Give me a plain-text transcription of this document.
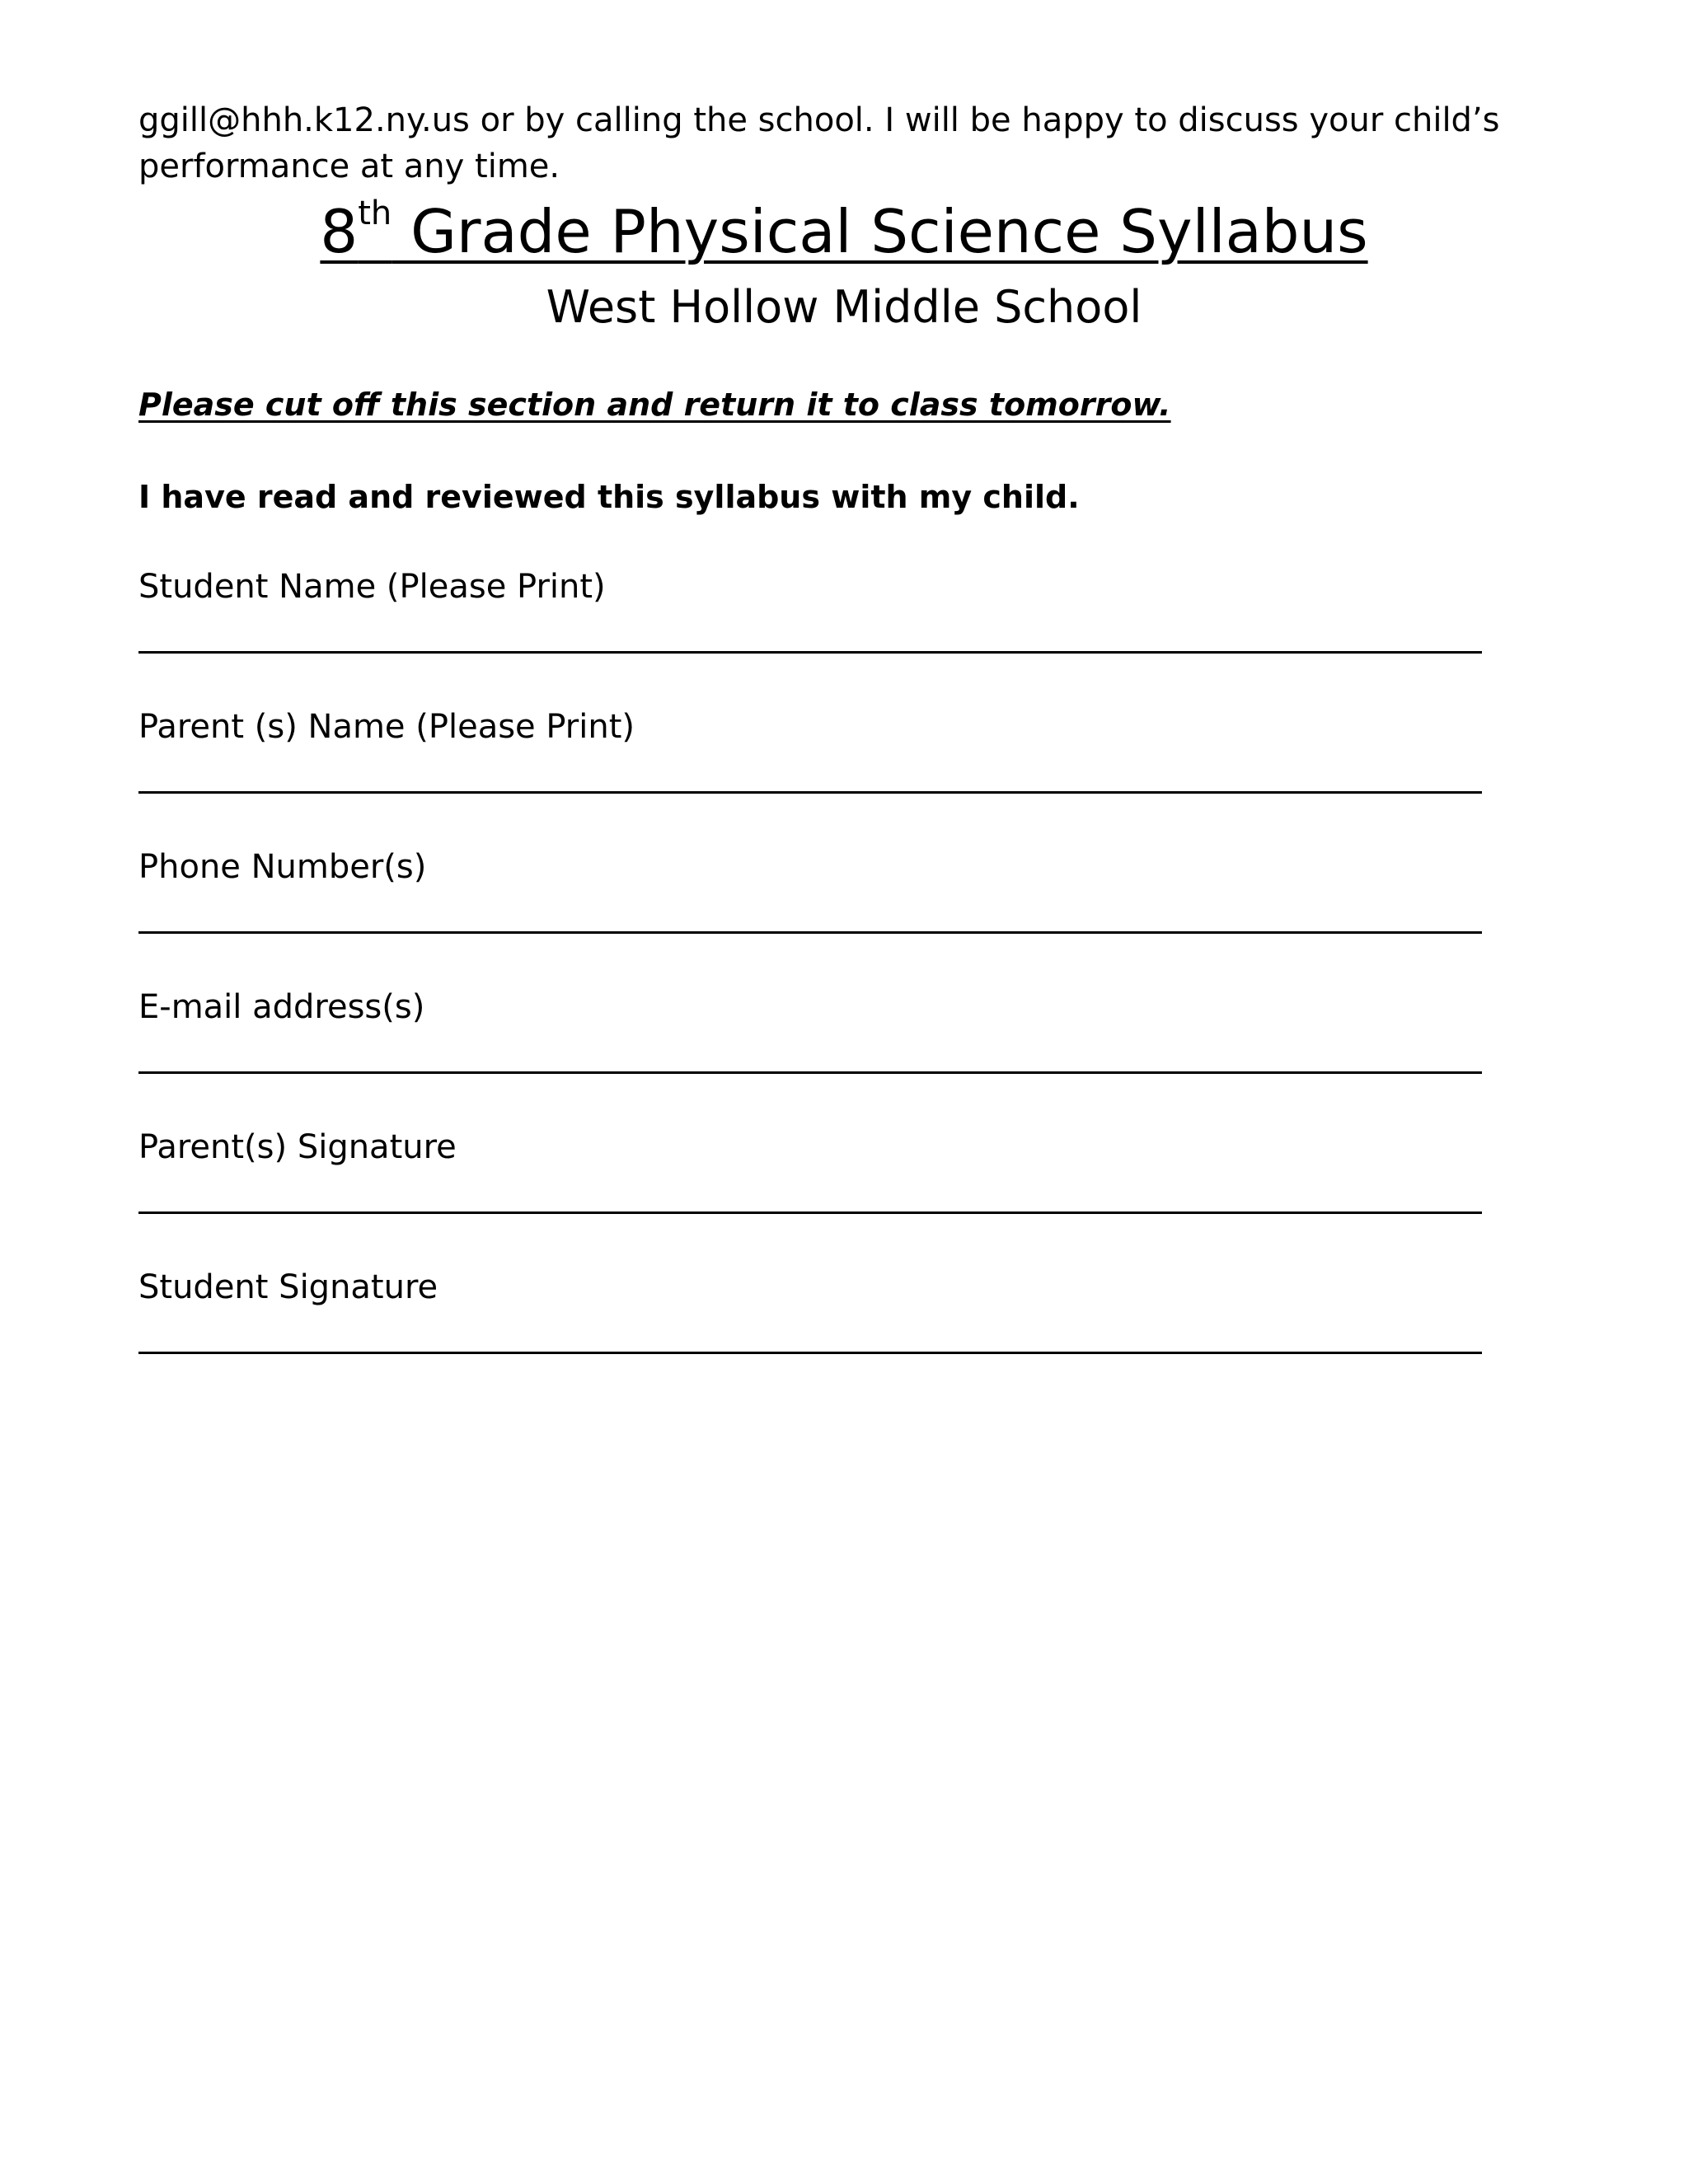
ggill@hhh.k12.ny.us or by calling the school. I will be happy to discuss your child’s
performance at any time.
8th Grade Physical Science Syllabus
West Hollow Middle School
Please cut off this section and return it to class tomorrow.
I have read and reviewed this syllabus with my child.
Student Name (Please Print)
Parent (s) Name (Please Print)
Phone Number(s)
E-mail address(s)
Parent(s) Signature
Student Signature
